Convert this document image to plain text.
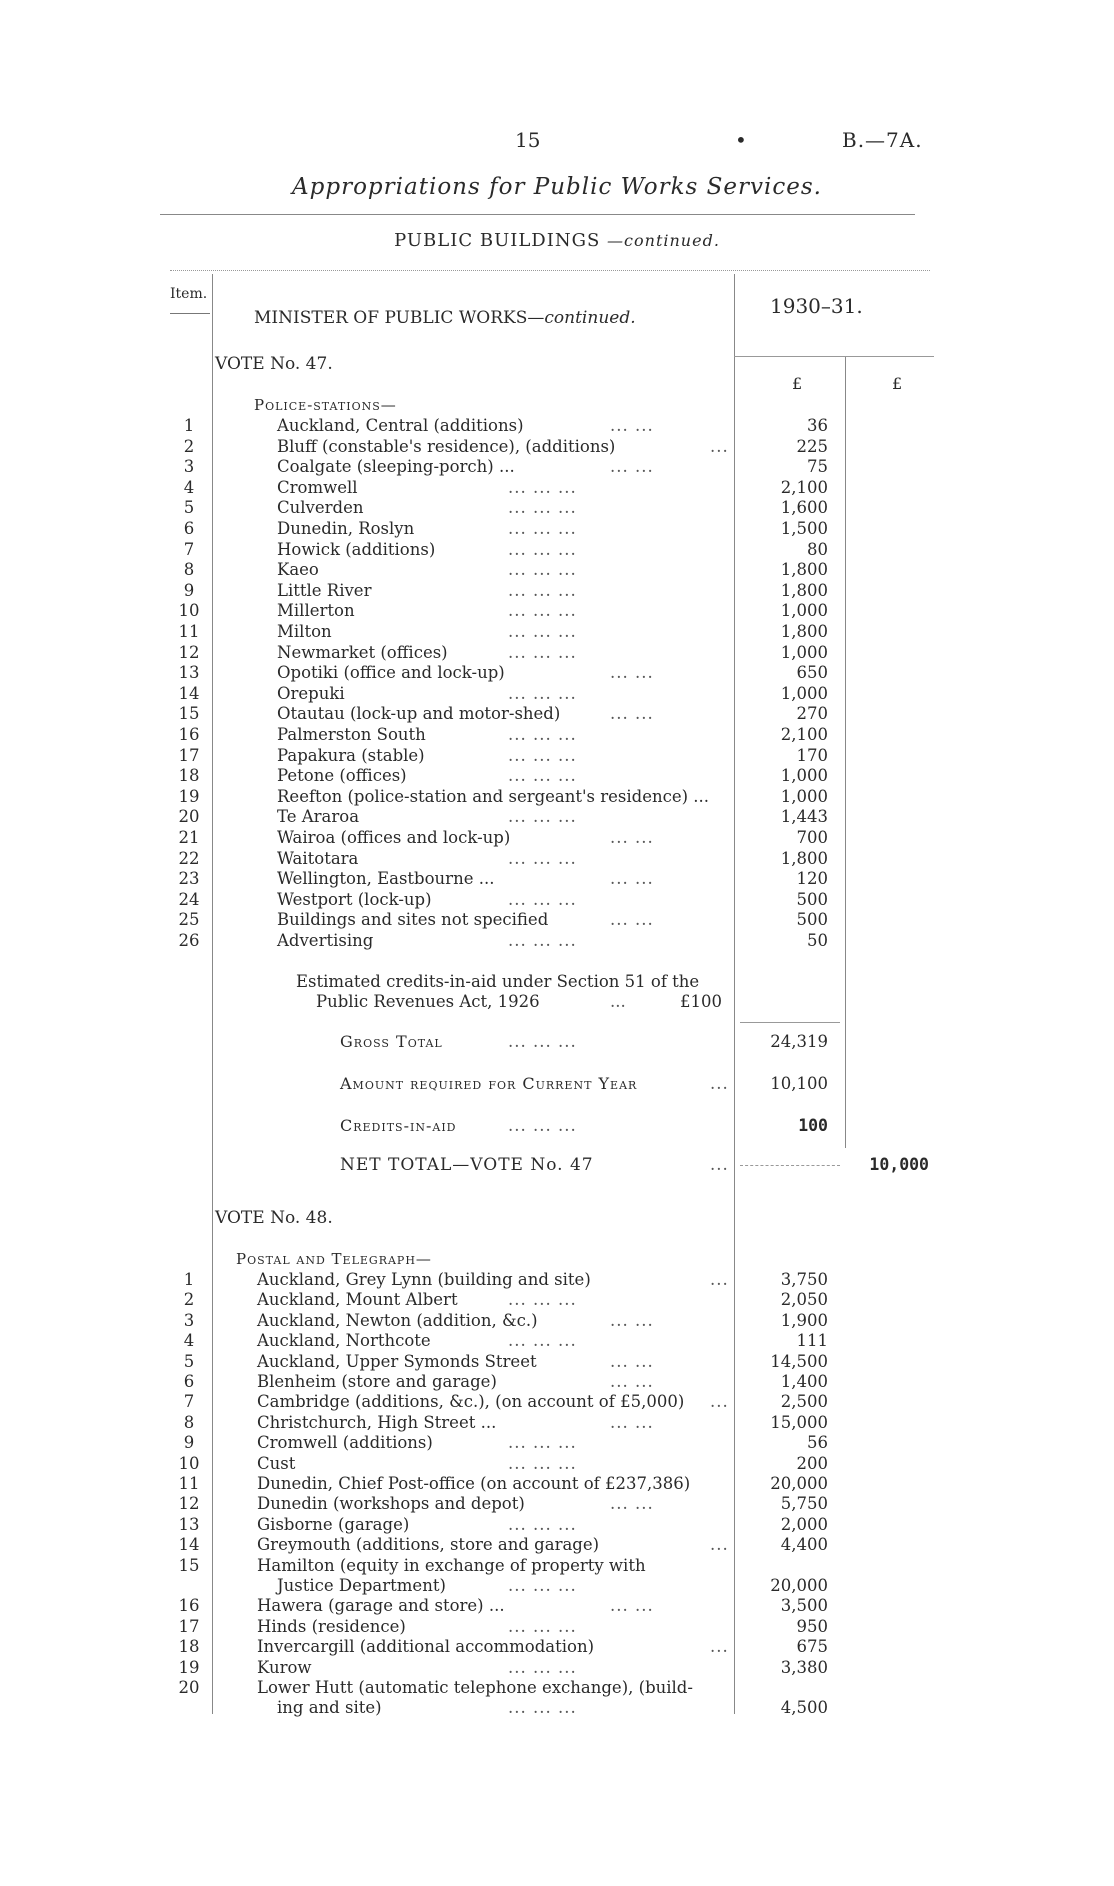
15	•	B.—7A.
Appropriations for Public Works Services.
PUBLIC BUILDINGS —continued.
Item.
MINISTER OF PUBLIC WORKS—continued.	1930–31.
VOTE No. 47.
£	£
Police-stations—
1	Auckland, Central (additions)	... ...	36
2	Bluff (constable's residence), (additions)	...	225
3	Coalgate (sleeping-porch) ...	... ...	75
4	Cromwell	... ... ...	2,100
5	Culverden	... ... ...	1,600
6	Dunedin, Roslyn	... ... ...	1,500
7	Howick (additions)	... ... ...	80
8	Kaeo	... ... ...	1,800
9	Little River	... ... ...	1,800
10	Millerton	... ... ...	1,000
11	Milton	... ... ...	1,800
12	Newmarket (offices)	... ... ...	1,000
13	Opotiki (office and lock-up)	... ...	650
14	Orepuki	... ... ...	1,000
15	Otautau (lock-up and motor-shed)	... ...	270
16	Palmerston South	... ... ...	2,100
17	Papakura (stable)	... ... ...	170
18	Petone (offices)	... ... ...	1,000
19	Reefton (police-station and sergeant's residence) ...	1,000
20	Te Araroa	... ... ...	1,443
21	Wairoa (offices and lock-up)	... ...	700
22	Waitotara	... ... ...	1,800
23	Wellington, Eastbourne ...	... ...	120
24	Westport (lock-up)	... ... ...	500
25	Buildings and sites not specified	... ...	500
26	Advertising	... ... ...	50
Estimated credits-in-aid under Section 51 of the
Public Revenues Act, 1926	...	£100
Gross Total	... ... ...	24,319
Amount required for Current Year	...	10,100
Credits-in-aid	... ... ...	100
NET TOTAL—VOTE No. 47	...	10,000
VOTE No. 48.
Postal and Telegraph—
1	Auckland, Grey Lynn (building and site)	...	3,750
2	Auckland, Mount Albert	... ... ...	2,050
3	Auckland, Newton (addition, &c.)	... ...	1,900
4	Auckland, Northcote	... ... ...	111
5	Auckland, Upper Symonds Street	... ...	14,500
6	Blenheim (store and garage)	... ...	1,400
7	Cambridge (additions, &c.), (on account of £5,000) ...	2,500
8	Christchurch, High Street ...	... ...	15,000
9	Cromwell (additions)	... ... ...	56
10	Cust	... ... ...	200
11	Dunedin, Chief Post-office (on account of £237,386)	20,000
12	Dunedin (workshops and depot)	... ...	5,750
13	Gisborne (garage)	... ... ...	2,000
14	Greymouth (additions, store and garage)	...	4,400
15	Hamilton (equity in exchange of property with
Justice Department)	... ... ...	20,000
16	Hawera (garage and store) ...	... ...	3,500
17	Hinds (residence)	... ... ...	950
18	Invercargill (additional accommodation)	...	675
19	Kurow	... ... ...	3,380
20	Lower Hutt (automatic telephone exchange), (build-
ing and site)	... ... ...	4,500
